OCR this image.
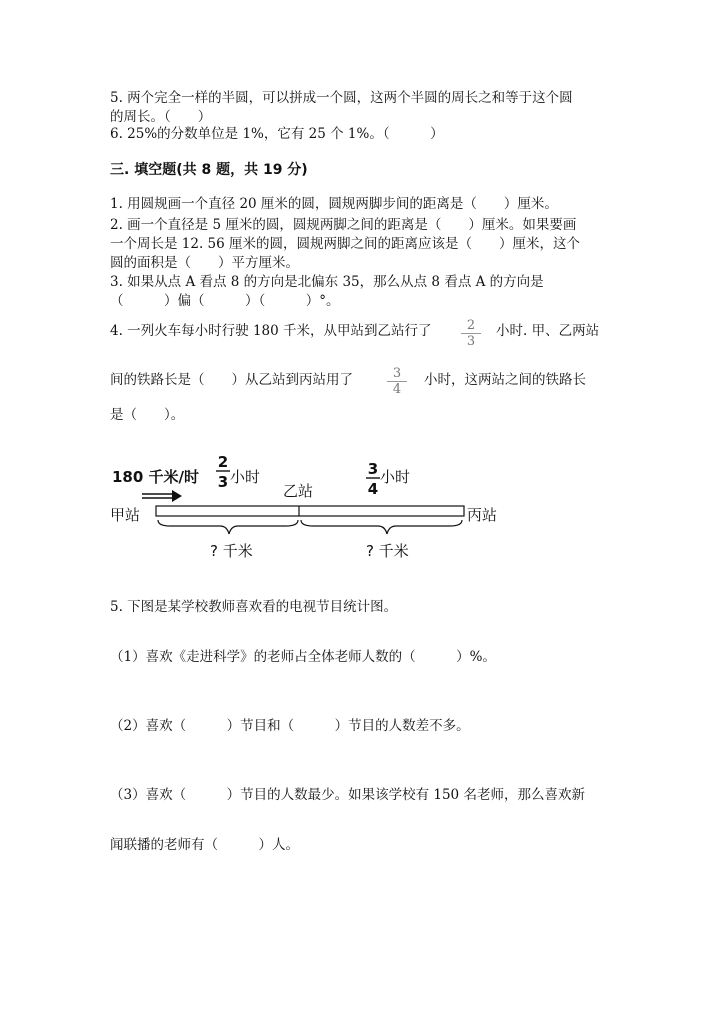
5. 两个完全一样的半圆，可以拼成一个圆，这两个半圆的周长之和等于这个圆
的周长。（　　）
6. 25%的分数单位是 1%，它有 25 个 1%。（　　　）
三. 填空题(共 8 题，共 19 分)
1. 用圆规画一个直径 20 厘米的圆，圆规两脚步间的距离是（　　）厘米。
2. 画一个直径是 5 厘米的圆，圆规两脚之间的距离是（　　）厘米。如果要画
一个周长是 12. 56 厘米的圆，圆规两脚之间的距离应该是（　　）厘米，这个
圆的面积是（　　）平方厘米。
3. 如果从点 A 看点 8 的方向是北偏东 35，那么从点 8 看点 A 的方向是
（　　　）偏（　　　）（　　　）°。
4. 一列火车每小时行驶 180 千米，从甲站到乙站行了 $\frac{2}{3}$ 小时. 甲、乙两站
间的铁路长是（　　）从乙站到丙站用了	$\frac{3}{4}$ 小时，这两站之间的铁路长
是（　　）。
180 千米/时
2
3 小时	3
4
小时
乙站
甲站	丙站
? 千米	? 千米
5. 下图是某学校教师喜欢看的电视节目统计图。
（1）喜欢《走进科学》的老师占全体老师人数的（　　　）%。
（2）喜欢（　　　）节目和（　　　）节目的人数差不多。
（3）喜欢（　　　）节目的人数最少。如果该学校有 150 名老师，那么喜欢新
闻联播的老师有（　　　）人。
